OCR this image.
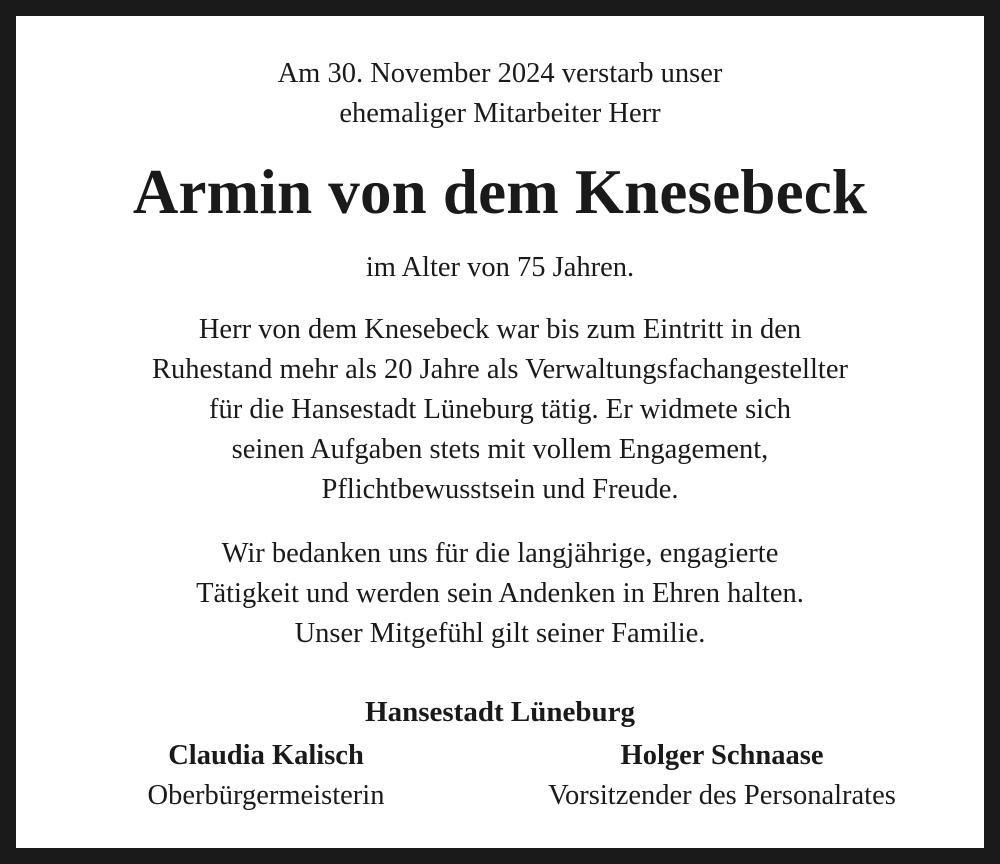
Am 30. November 2024 verstarb unser
ehemaliger Mitarbeiter Herr
Armin von dem Knesebeck
im Alter von 75 Jahren.
Herr von dem Knesebeck war bis zum Eintritt in den
Ruhestand mehr als 20 Jahre als Verwaltungsfachangestellter
für die Hansestadt Lüneburg tätig. Er widmete sich
seinen Aufgaben stets mit vollem Engagement,
Pflichtbewusstsein und Freude.
Wir bedanken uns für die langjährige, engagierte
Tätigkeit und werden sein Andenken in Ehren halten.
Unser Mitgefühl gilt seiner Familie.
Hansestadt Lüneburg
Claudia Kalisch
Oberbürgermeisterin
Holger Schnaase
Vorsitzender des Personalrates
